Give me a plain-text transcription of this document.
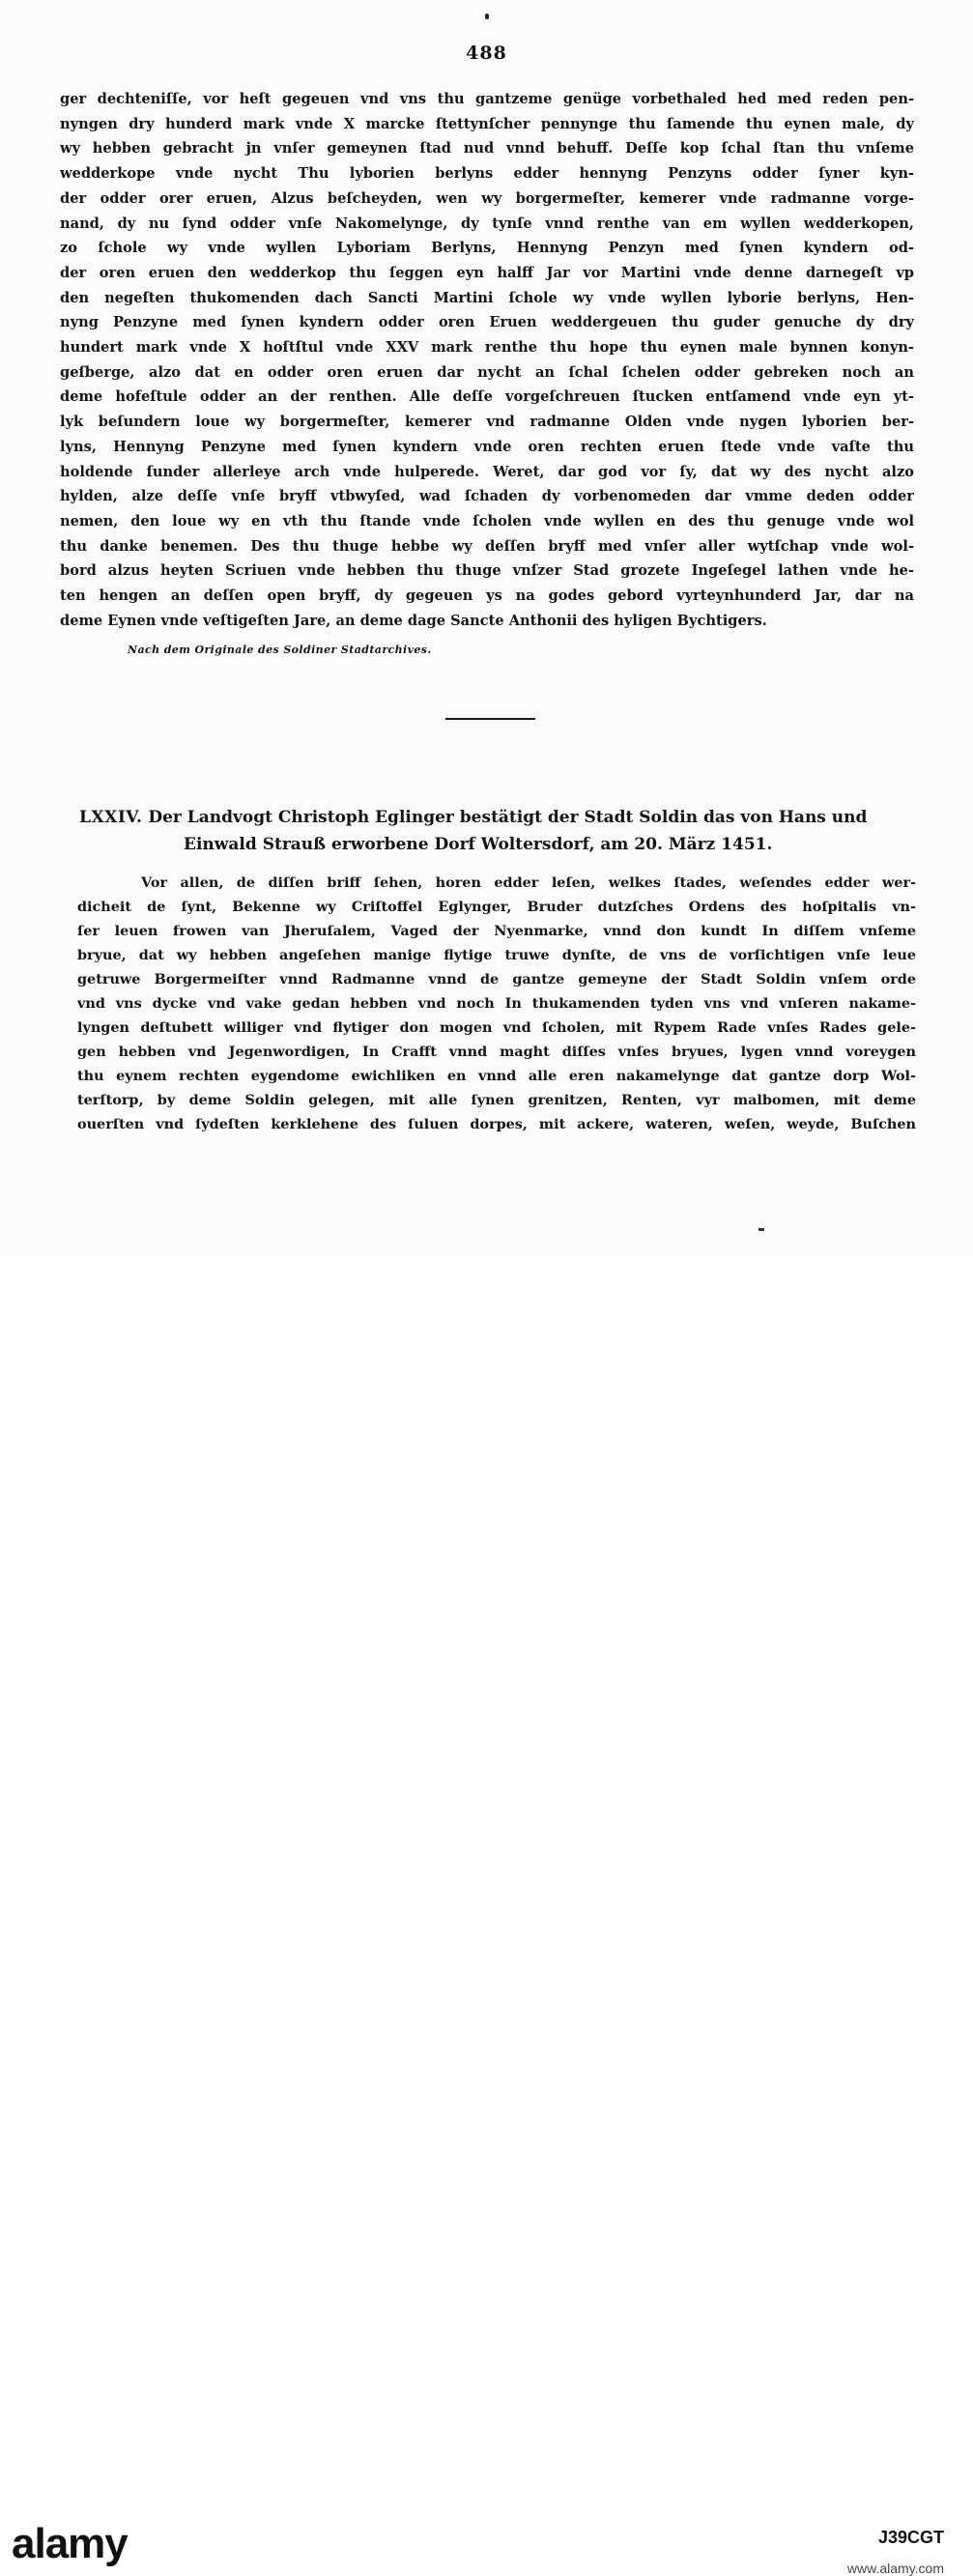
488
ger dechteniſſe, vor heſt gegeuen vnd vns thu gantzeme genüge vorbethaled hed med reden pen-
nyngen dry hunderd mark vnde X marcke ſtettynſcher pennynge thu ſamende thu eynen male, dy
wy hebben gebracht jn vnſer gemeynen ſtad nud vnnd behuff. Deſſe kop ſchal ſtan thu vnſeme
wedderkope vnde nycht Thu lyborien berlyns edder hennyng Penzyns odder ſyner kyn-
der odder orer eruen, Alzus beſcheyden, wen wy borgermeſter, kemerer vnde radmanne vorge-
nand, dy nu ſynd odder vnſe Nakomelynge, dy tynſe vnnd renthe van em wyllen wedderkopen,
zo ſchole wy vnde wyllen Lyboriam Berlyns, Hennyng Penzyn med ſynen kyndern od-
der oren eruen den wedderkop thu ſeggen eyn halff Jar vor Martini vnde denne darnegeſt vp
den negeſten thukomenden dach Sancti Martini ſchole wy vnde wyllen lyborie berlyns, Hen-
nyng Penzyne med ſynen kyndern odder oren Eruen weddergeuen thu guder genuche dy dry
hundert mark vnde X hoſtſtul vnde XXV mark renthe thu hope thu eynen male bynnen konyn-
geſberge, alzo dat en odder oren eruen dar nycht an ſchal ſchelen odder gebreken noch an
deme hofeſtule odder an der renthen. Alle deſſe vorgeſchreuen ſtucken entſamend vnde eyn yt-
lyk beſundern loue wy borgermeſter, kemerer vnd radmanne Olden vnde nygen lyborien ber-
lyns, Hennyng Penzyne med ſynen kyndern vnde oren rechten eruen ſtede vnde vaſte thu
holdende ſunder allerleye arch vnde hulperede. Weret, dar god vor ſy, dat wy des nycht alzo
hylden, alze deſſe vnſe bryff vtbwyſed, wad ſchaden dy vorbenomeden dar vmme deden odder
nemen, den loue wy en vth thu ſtande vnde ſcholen vnde wyllen en des thu genuge vnde wol
thu danke benemen. Des thu thuge hebbe wy deſſen bryff med vnſer aller wytſchap vnde wol-
bord alzus heyten Scriuen vnde hebben thu thuge vnſzer Stad grozete Ingeſegel lathen vnde he-
ten hengen an deſſen open bryff, dy gegeuen ys na godes gebord vyrteynhunderd Jar, dar na
deme Eynen vnde veſtigeſten Jare, an deme dage Sancte Anthonii des hyligen Bychtigers.
Nach dem Originale des Soldiner Stadtarchives.
LXXIV. Der Landvogt Christoph Eglinger bestätigt der Stadt Soldin das von Hans und
Einwald Strauß erworbene Dorf Woltersdorf, am 20. März 1451.
Vor allen, de diſſen briff ſehen, horen edder leſen, welkes ſtades, weſendes edder wer-
dicheit de ſynt, Bekenne wy Criſtoffel Eglynger, Bruder dutzſches Ordens des hoſpitalis vn-
ſer leuen frowen van Jheruſalem, Vaged der Nyenmarke, vnnd don kundt In diſſem vnſeme
bryue, dat wy hebben angeſehen manige flytige truwe dynſte, de vns de vorſichtigen vnſe leue
getruwe Borgermeiſter vnnd Radmanne vnnd de gantze gemeyne der Stadt Soldin vnſem orde
vnd vns dycke vnd vake gedan hebben vnd noch In thukamenden tyden vns vnd vnſeren nakame-
lyngen deſtubett williger vnd flytiger don mogen vnd ſcholen, mit Rypem Rade vnſes Rades gele-
gen hebben vnd Jegenwordigen, In Crafft vnnd maght diſſes vnſes bryues, lygen vnnd voreygen
thu eynem rechten eygendome ewichliken en vnnd alle eren nakamelynge dat gantze dorp Wol-
terſtorp, by deme Soldin gelegen, mit alle ſynen grenitzen, Renten, vyr malbomen, mit deme
ouerſten vnd ſydeſten kerklehene des ſuluen dorpes, mit ackere, wateren, weſen, weyde, Buſchen
alamy	J39CGT
www.alamy.com
